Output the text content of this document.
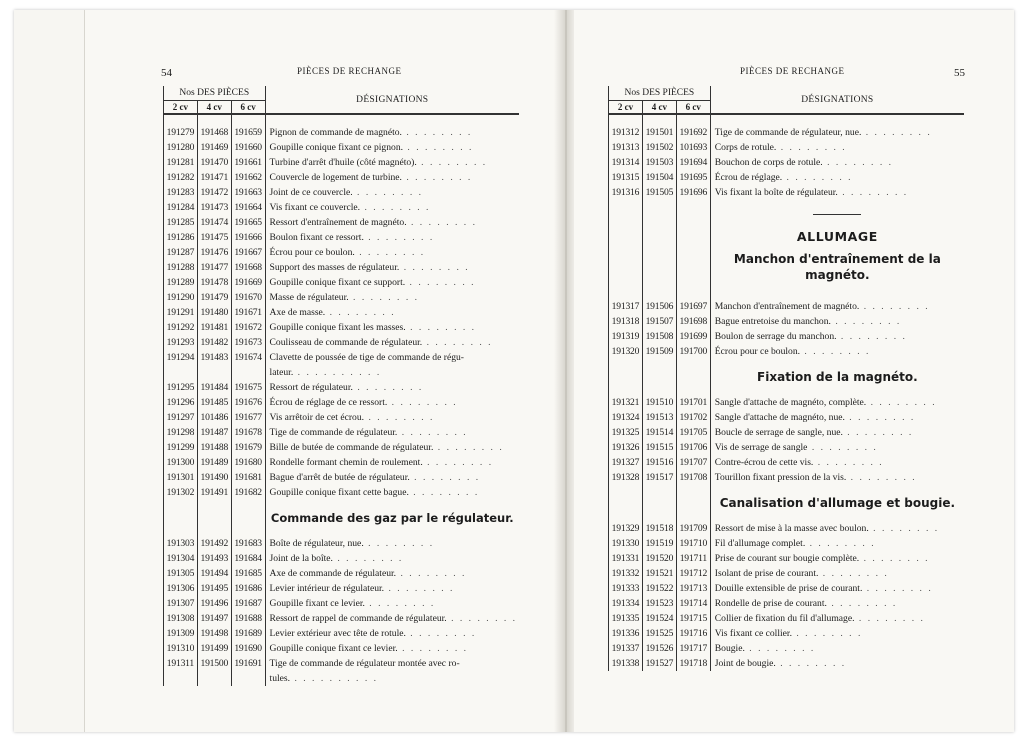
54	PIÈCES DE RECHANGE
Nos DES PIÈCES			DÉSIGNATIONS
2 cv	4 cv	6 cv	

191279	191468	191659	Pignon de commande de magnéto. . . . . . . . .
191280	191469	191660	Goupille conique fixant ce pignon. . . . . . . . .
191281	191470	191661	Turbine d'arrêt d'huile (côté magnéto). . . . . . . . .
191282	191471	191662	Couvercle de logement de turbine. . . . . . . . .
191283	191472	191663	Joint de ce couvercle. . . . . . . . .
191284	191473	191664	Vis fixant ce couvercle. . . . . . . . .
191285	191474	191665	Ressort d'entraînement de magnéto. . . . . . . . .
191286	191475	191666	Boulon fixant ce ressort. . . . . . . . .
191287	191476	191667	Écrou pour ce boulon. . . . . . . . .
191288	191477	191668	Support des masses de régulateur. . . . . . . . .
191289	191478	191669	Goupille conique fixant ce support. . . . . . . . .
191290	191479	191670	Masse de régulateur. . . . . . . . .
191291	191480	191671	Axe de masse. . . . . . . . .
191292	191481	191672	Goupille conique fixant les masses. . . . . . . . .
191293	191482	191673	Coulisseau de commande de régulateur. . . . . . . . .
191294	191483	191674	Clavette de poussée de tige de commande de régu-
			lateur. . . . . . . . . . .
191295	191484	191675	Ressort de régulateur. . . . . . . . .
191296	191485	191676	Écrou de réglage de ce ressort. . . . . . . . .
191297	101486	191677	Vis arrêtoir de cet écrou. . . . . . . . .
191298	191487	191678	Tige de commande de régulateur. . . . . . . . .
191299	191488	191679	Bille de butée de commande de régulateur. . . . . . . . .
191300	191489	191680	Rondelle formant chemin de roulement. . . . . . . . .
191301	191490	191681	Bague d'arrêt de butée de régulateur. . . . . . . . .
191302	191491	191682	Goupille conique fixant cette bague. . . . . . . . .

			Commande des gaz par le régulateur.

191303	191492	191683	Boîte de régulateur, nue. . . . . . . . .
191304	191493	191684	Joint de la boîte. . . . . . . . .
191305	191494	191685	Axe de commande de régulateur. . . . . . . . .
191306	191495	191686	Levier intérieur de régulateur. . . . . . . . .
191307	191496	191687	Goupille fixant ce levier. . . . . . . . .
191308	191497	191688	Ressort de rappel de commande de régulateur. . . . . . . . .
191309	191498	191689	Levier extérieur avec tête de rotule. . . . . . . . .
191310	191499	191690	Goupille conique fixant ce levier. . . . . . . . .
191311	191500	191691	Tige de commande de régulateur montée avec ro-
			tules. . . . . . . . . . .
PIÈCES DE RECHANGE	55
Nos DES PIÈCES			DÉSIGNATIONS
2 cv	4 cv	6 cv	

191312	191501	191692	Tige de commande de régulateur, nue. . . . . . . . .
191313	191502	101693	Corps de rotule. . . . . . . . .
191314	191503	191694	Bouchon de corps de rotule. . . . . . . . .
191315	191504	191695	Écrou de réglage. . . . . . . . .
191316	191505	191696	Vis fixant la boîte de régulateur. . . . . . . . .

			ALLUMAGE
			Manchon d'entraînement de la magnéto.

191317	191506	191697	Manchon d'entraînement de magnéto. . . . . . . . .
191318	191507	191698	Bague entretoise du manchon. . . . . . . . .
191319	191508	191699	Boulon de serrage du manchon. . . . . . . . .
191320	191509	191700	Écrou pour ce boulon. . . . . . . . .

			Fixation de la magnéto.

191321	191510	191701	Sangle d'attache de magnéto, complète. . . . . . . . .
191324	191513	191702	Sangle d'attache de magnéto, nue. . . . . . . . .
191325	191514	191705	Boucle de serrage de sangle, nue. . . . . . . . .
191326	191515	191706	Vis de serrage de sangle . . . . . . . .
191327	191516	191707	Contre-écrou de cette vis. . . . . . . . .
191328	191517	191708	Tourillon fixant pression de la vis. . . . . . . . .

			Canalisation d'allumage et bougie.

191329	191518	191709	Ressort de mise à la masse avec boulon. . . . . . . . .
191330	191519	191710	Fil d'allumage complet. . . . . . . . .
191331	191520	191711	Prise de courant sur bougie complète. . . . . . . . .
191332	191521	191712	Isolant de prise de courant. . . . . . . . .
191333	191522	191713	Douille extensible de prise de courant. . . . . . . . .
191334	191523	191714	Rondelle de prise de courant. . . . . . . . .
191335	191524	191715	Collier de fixation du fil d'allumage. . . . . . . . .
191336	191525	191716	Vis fixant ce collier. . . . . . . . .
191337	191526	191717	Bougie. . . . . . . . .
191338	191527	191718	Joint de bougie. . . . . . . . .
